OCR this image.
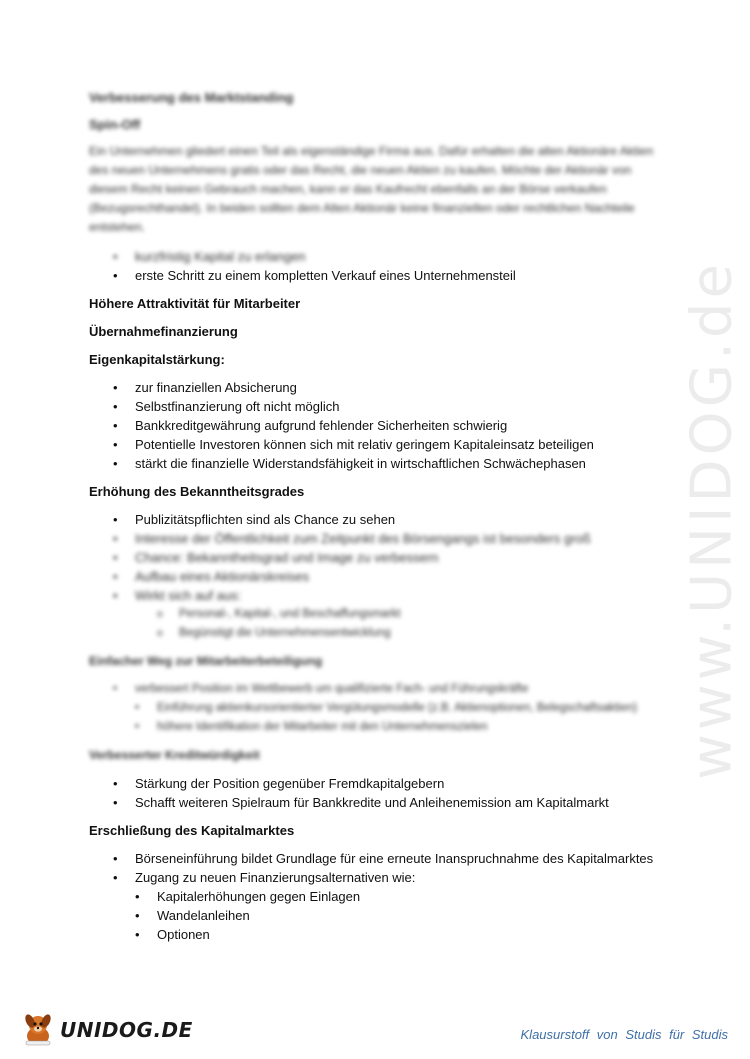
www.UNIDOG.de
Verbesserung des Marktstanding
Spin-Off

Ein Unternehmen gliedert einen Teil als eigenständige Firma aus. Dafür erhalten die alten Aktionäre Aktien des neuen Unternehmens gratis oder das Recht, die neuen Aktien zu kaufen. Möchte der Aktionär von diesem Recht keinen Gebrauch machen, kann er das Kaufrecht ebenfalls an der Börse verkaufen (Bezugsrechthandel). In beiden sollten dem Alten Aktionär keine finanziellen oder rechtlichen Nachteile entstehen.

• kurzfristig Kapital zu erlangen
• erste Schritt zu einem kompletten Verkauf eines Unternehmensteil
Höhere Attraktivität für Mitarbeiter
Übernahmefinanzierung
Eigenkapitalstärkung:
• zur finanziellen Absicherung
• Selbstfinanzierung oft nicht möglich
• Bankkreditgewährung aufgrund fehlender Sicherheiten schwierig
• Potentielle Investoren können sich mit relativ geringem Kapitaleinsatz beteiligen
• stärkt die finanzielle Widerstandsfähigkeit in wirtschaftlichen Schwächephasen
Erhöhung des Bekanntheitsgrades
• Publizitätspflichten sind als Chance zu sehen
• Interesse der Öffentlichkeit zum Zeitpunkt des Börsengangs ist besonders groß
• Chance: Bekanntheitsgrad und Image zu verbessern
• Aufbau eines Aktionärskreises
• Wirkt sich auf aus:
o Personal-, Kapital-, und Beschaffungsmarkt
o Begünstigt die Unternehmensentwicklung
Einfacher Weg zur Mitarbeiterbeteiligung
• verbessert Position im Wettbewerb um qualifizierte Fach- und Führungskräfte
• Einführung aktienkursorientierter Vergütungsmodelle (z.B. Aktienoptionen, Belegschaftsaktien)
• höhere Identifikation der Mitarbeiter mit den Unternehmenszielen
Verbesserter Kreditwürdigkeit
• Stärkung der Position gegenüber Fremdkapitalgebern
• Schafft weiteren Spielraum für Bankkredite und Anleihenemission am Kapitalmarkt
Erschließung des Kapitalmarktes
• Börseneinführung bildet Grundlage für eine erneute Inanspruchnahme des Kapitalmarktes
• Zugang zu neuen Finanzierungsalternativen wie:
• Kapitalerhöhungen gegen Einlagen
• Wandelanleihen
• Optionen
UNIDOG.DE	Klausurstoff von Studis für Studis
